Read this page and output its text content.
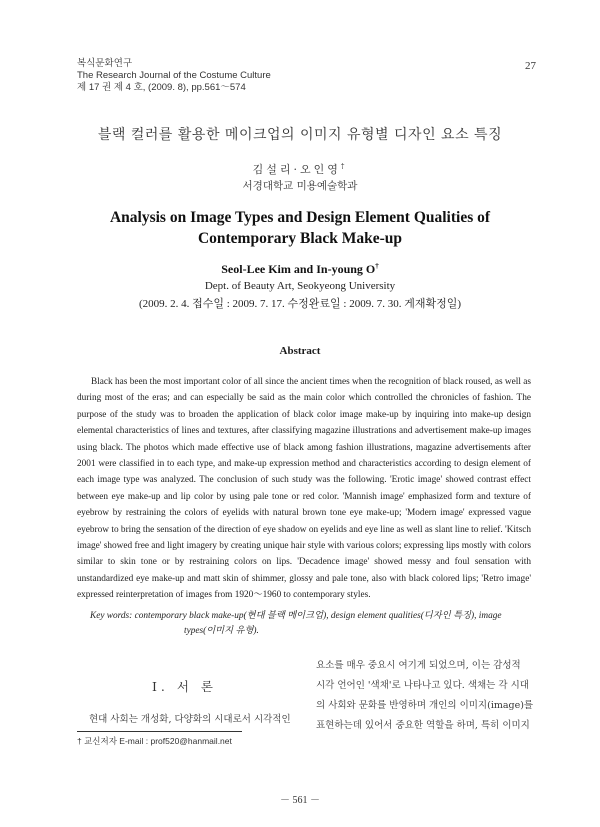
복식문화연구
The Research Journal of the Costume Culture
제 17 권 제 4 호, (2009. 8), pp.561～574
27
블랙 컬러를 활용한 메이크업의 이미지 유형별 디자인 요소 특징
김설리·오인영†
서경대학교 미용예술학과
Analysis on Image Types and Design Element Qualities of
Contemporary Black Make-up
Seol-Lee Kim and In-young O†
Dept. of Beauty Art, Seokyeong University
(2009. 2. 4. 접수일 : 2009. 7. 17. 수정완료일 : 2009. 7. 30. 게재확정일)
Abstract
Black has been the most important color of all since the ancient times when the recognition of black roused, as well as during most of the eras; and can especially be said as the main color which controlled the chronicles of fashion. The purpose of the study was to broaden the application of black color image make-up by inquiring into make-up design elemental characteristics of lines and textures, after classifying magazine illustrations and advertisement make-up images using black. The photos which made effective use of black among fashion illustrations, magazine advertisements after 2001 were classified in to each type, and make-up expression method and characteristics according to design element of each image type was analyzed. The conclusion of such study was the following. 'Erotic image' showed contrast effect between eye make-up and lip color by using pale tone or red color. 'Mannish image' emphasized form and texture of eyebrow by restraining the colors of eyelids with natural brown tone eye make-up; 'Modern image' expressed vague eyebrow to bring the sensation of the direction of eye shadow on eyelids and eye line as well as slant line to relief. 'Kitsch image' showed free and light imagery by creating unique hair style with various colors; expressing lips mostly with colors similar to skin tone or by restraining colors on lips. 'Decadence image' showed messy and foul sensation with unstandardized eye make-up and matt skin of shimmer, glossy and pale tone, also with black colored lips; 'Retro image' expressed reinterpretation of images from 1920～1960 to contemporary styles.
Key words: contemporary black make-up(현대 블랙 메이크업), design element qualities(디자인 특징), image
types(이미지 유형).
Ⅰ. 서 론
현대 사회는 개성화, 다양화의 시대로서 시각적인
요소를 매우 중요시 여기게 되었으며, 이는 감성적
시각 언어인 '색채'로 나타나고 있다. 색채는 각 시대
의 사회와 문화를 반영하며 개인의 이미지(image)를
표현하는데 있어서 중요한 역할을 하며, 특히 이미지
† 교신저자 E-mail : prof520@hanmail.net
－ 561 －
